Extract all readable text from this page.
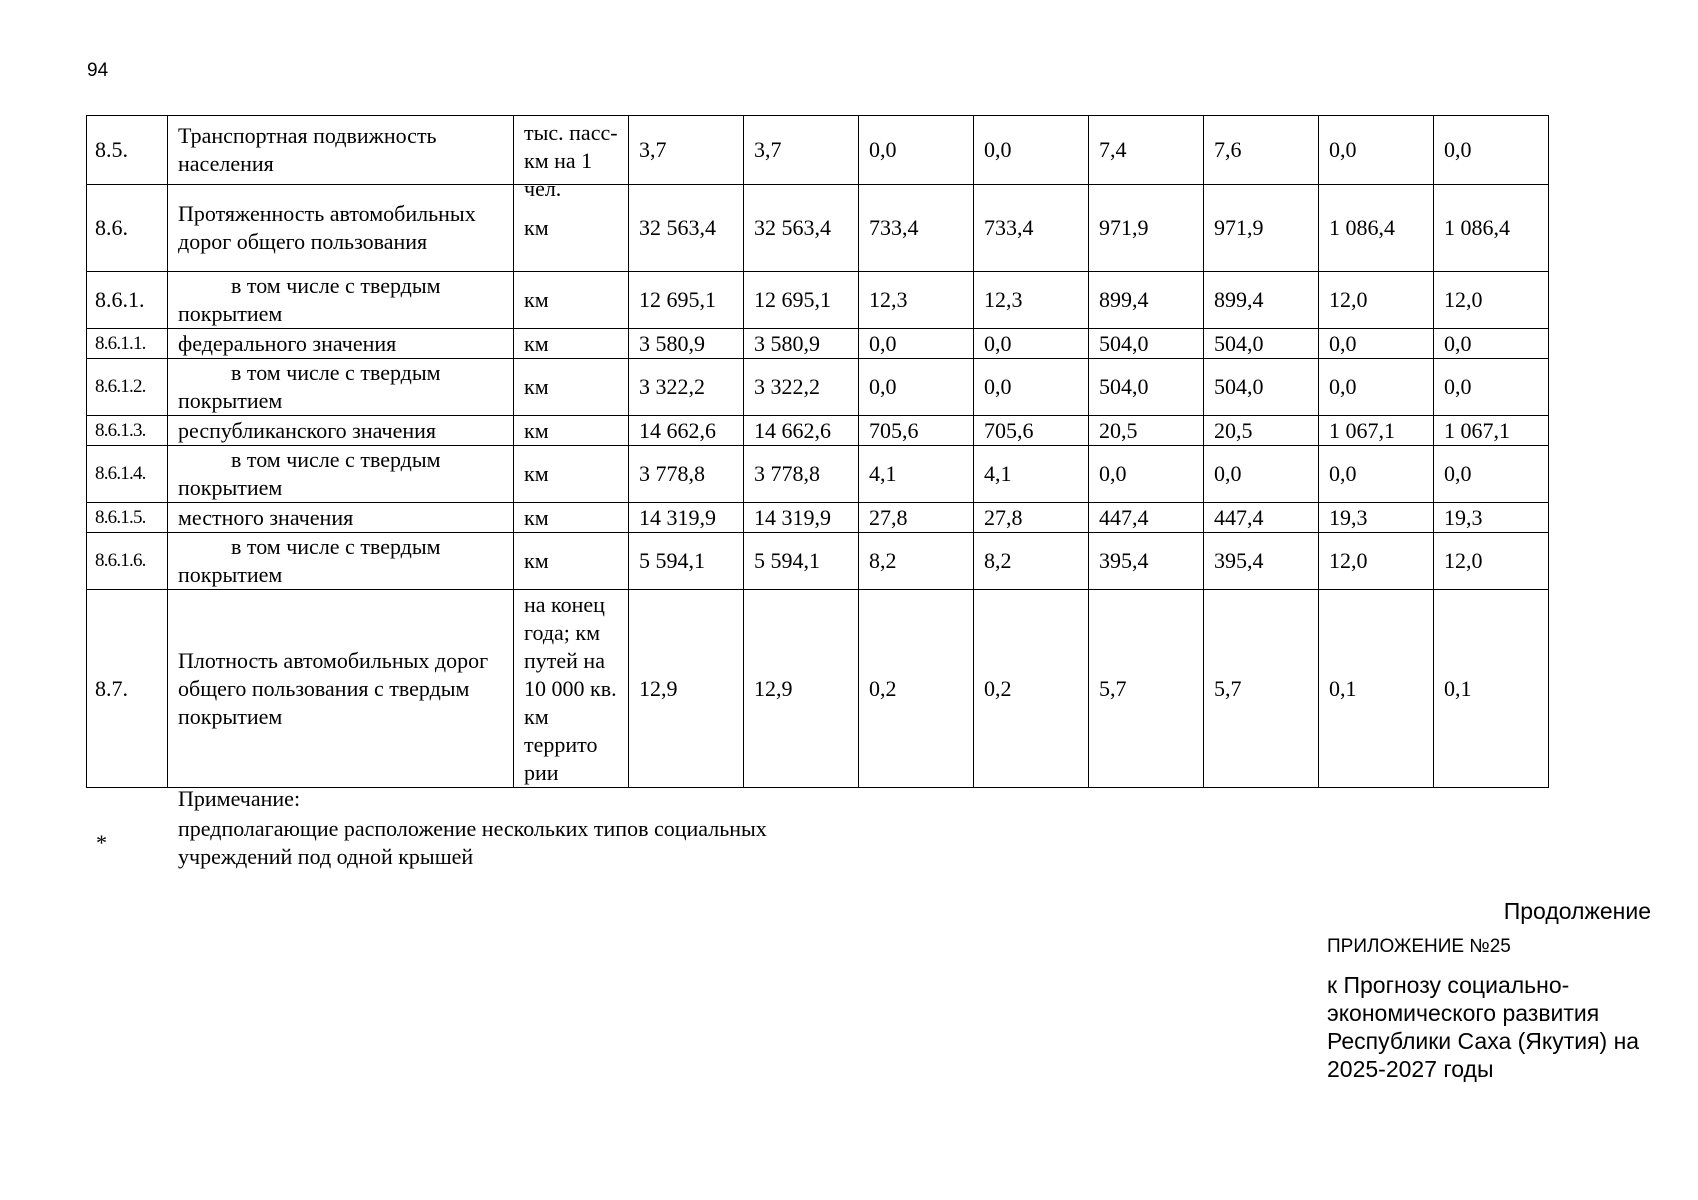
94
8.5.	Транспортная подвижность населения	тыс. пасс-км на 1 чел.	3,7	3,7	0,0	0,0	7,4	7,6	0,0	0,0
8.6.	Протяженность автомобильных дорог общего пользования	км	32 563,4	32 563,4	733,4	733,4	971,9	971,9	1 086,4	1 086,4
8.6.1.	в том числе с твердым покрытием	км	12 695,1	12 695,1	12,3	12,3	899,4	899,4	12,0	12,0
8.6.1.1.	федерального значения	км	3 580,9	3 580,9	0,0	0,0	504,0	504,0	0,0	0,0
8.6.1.2.	в том числе с твердым покрытием	км	3 322,2	3 322,2	0,0	0,0	504,0	504,0	0,0	0,0
8.6.1.3.	республиканского значения	км	14 662,6	14 662,6	705,6	705,6	20,5	20,5	1 067,1	1 067,1
8.6.1.4.	в том числе с твердым покрытием	км	3 778,8	3 778,8	4,1	4,1	0,0	0,0	0,0	0,0
8.6.1.5.	местного значения	км	14 319,9	14 319,9	27,8	27,8	447,4	447,4	19,3	19,3
8.6.1.6.	в том числе с твердым покрытием	км	5 594,1	5 594,1	8,2	8,2	395,4	395,4	12,0	12,0
8.7.	Плотность автомобильных дорог общего пользования с твердым покрытием	на конец года; км путей на 10 000 кв. км террито рии	12,9	12,9	0,2	0,2	5,7	5,7	0,1	0,1
Примечание:
*
предполагающие расположение нескольких типов социальных учреждений под одной крышей
Продолжение
ПРИЛОЖЕНИЕ №25
к Прогнозу социально-экономического развития Республики Саха (Якутия) на 2025-2027 годы
